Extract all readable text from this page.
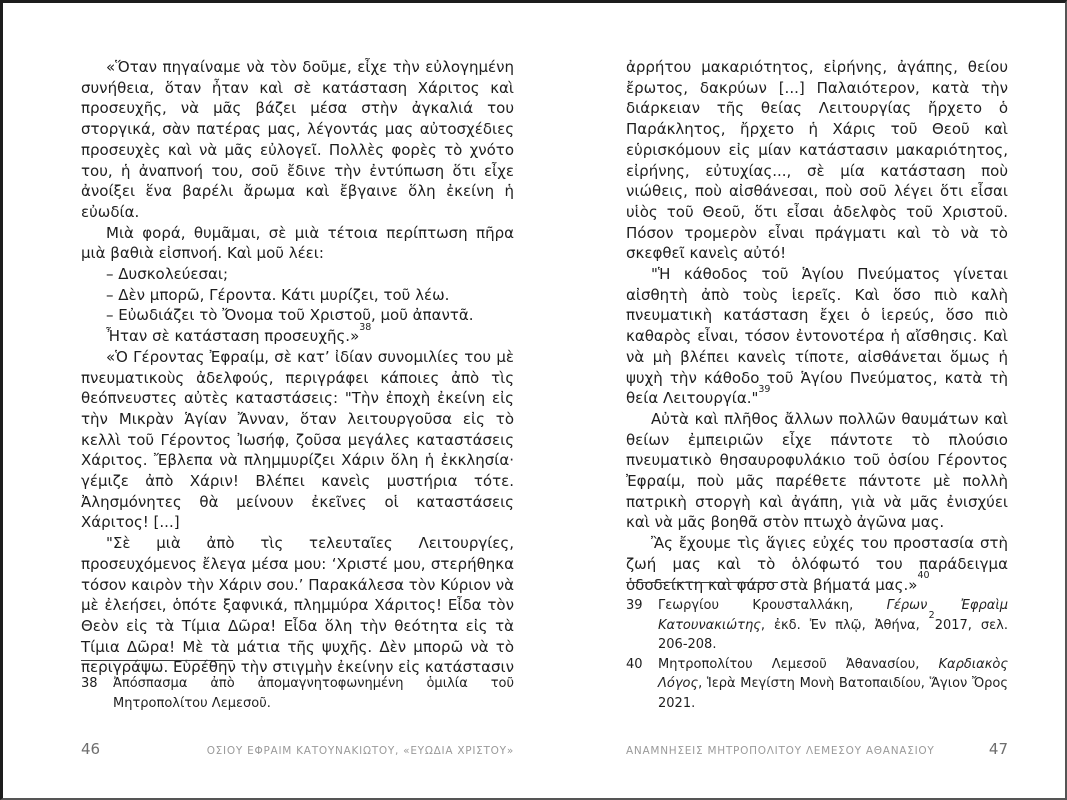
«Ὅταν πηγαίναμε νὰ τὸν δοῦμε, εἶχε τὴν εὐλογημένη συνήθεια, ὅταν ἦταν καὶ σὲ κατάσταση Χάριτος καὶ προσευχῆς, νὰ μᾶς βάζει μέσα στὴν ἀγκαλιά του στοργικά, σὰν πατέρας μας, λέγοντάς μας αὐτοσχέδιες προσευχὲς καὶ νὰ μᾶς εὐλογεῖ. Πολλὲς φορὲς τὸ χνότο του, ἡ ἀναπνοή του, σοῦ ἔδινε τὴν ἐντύπωση ὅτι εἶχε ἀνοίξει ἕνα βαρέλι ἄρωμα καὶ ἔβγαινε ὅλη ἐκείνη ἡ εὐωδία.

Μιὰ φορά, θυμᾶμαι, σὲ μιὰ τέτοια περίπτωση πῆρα μιὰ βαθιὰ εἰσπνοή. Καὶ μοῦ λέει:

– Δυσκολεύεσαι;

– Δὲν μπορῶ, Γέροντα. Κάτι μυρίζει, τοῦ λέω.

– Εὐωδιάζει τὸ Ὄνομα τοῦ Χριστοῦ, μοῦ ἀπαντᾶ.

Ἦταν σὲ κατάσταση προσευχῆς.»$^{38}$

«Ὁ Γέροντας Ἐφραίμ, σὲ κατ’ ἰδίαν συνομιλίες του μὲ πνευματικοὺς ἀδελφούς, περιγράφει κάποιες ἀπὸ τὶς θεόπνευστες αὐτὲς καταστάσεις: "Τὴν ἐποχὴ ἐκείνη εἰς τὴν Μικρὰν Ἁγίαν Ἄνναν, ὅταν λειτουργοῦσα εἰς τὸ κελλὶ τοῦ Γέροντος Ἰωσήφ, ζοῦσα μεγάλες καταστάσεις Χάριτος. Ἔβλεπα νὰ πλημμυρίζει Χάριν ὅλη ἡ ἐκκλησία· γέμιζε ἀπὸ Χάριν! Βλέπει κανεὶς μυστήρια τότε. Ἀλησμόνητες θὰ μείνουν ἐκεῖνες οἱ καταστάσεις Χάριτος! [...]

"Σὲ μιὰ ἀπὸ τὶς τελευταῖες Λειτουργίες, προσευχόμενος ἔλεγα μέσα μου: ‘Χριστέ μου, στερήθηκα τόσον καιρὸν τὴν Χάριν σου.’ Παρακάλεσα τὸν Κύριον νὰ μὲ ἐλεήσει, ὁπότε ξαφνικά, πλημμύρα Χάριτος! Εἶδα τὸν Θεὸν εἰς τὰ Τίμια Δῶρα! Εἶδα ὅλη τὴν θεότητα εἰς τὰ Τίμια Δῶρα! Μὲ τὰ μάτια τῆς ψυχῆς. Δὲν μπορῶ νὰ τὸ περιγράψω. Εὑρέθην τὴν στιγμὴν ἐκείνην εἰς κατάστασιν

38	Ἀπόσπασμα ἀπὸ ἀπομαγνητοφωνημένη ὁμιλία τοῦ Μητροπολίτου Λεμεσοῦ.
46	ΟΣΙΟΥ ΕΦΡΑΙΜ ΚΑΤΟΥΝΑΚΙΩΤΟΥ, «ΕΥΩΔΙΑ ΧΡΙΣΤΟΥ»

ἀρρήτου μακαριότητος, εἰρήνης, ἀγάπης, θείου ἔρωτος, δακρύων [...] Παλαιότερον, κατὰ τὴν διάρκειαν τῆς θείας Λειτουργίας ἤρχετο ὁ Παράκλητος, ἤρχετο ἡ Χάρις τοῦ Θεοῦ καὶ εὑρισκόμουν εἰς μίαν κατάστασιν μακαριότητος, εἰρήνης, εὐτυχίας..., σὲ μία κατάσταση ποὺ νιώθεις, ποὺ αἰσθάνεσαι, ποὺ σοῦ λέγει ὅτι εἶσαι υἱὸς τοῦ Θεοῦ, ὅτι εἶσαι ἀδελφὸς τοῦ Χριστοῦ. Πόσον τρομερὸν εἶναι πράγματι καὶ τὸ νὰ τὸ σκεφθεῖ κανεὶς αὐτό!

"Ἡ κάθοδος τοῦ Ἁγίου Πνεύματος γίνεται αἰσθητὴ ἀπὸ τοὺς ἱερεῖς. Καὶ ὅσο πιὸ καλὴ πνευματικὴ κατάσταση ἔχει ὁ ἱερεύς, ὅσο πιὸ καθαρὸς εἶναι, τόσον ἐντονοτέρα ἡ αἴσθησις. Καὶ νὰ μὴ βλέπει κανεὶς τίποτε, αἰσθάνεται ὅμως ἡ ψυχὴ τὴν κάθοδο τοῦ Ἁγίου Πνεύματος, κατὰ τὴ θεία Λειτουργία."$^{39}$

Αὐτὰ καὶ πλῆθος ἄλλων πολλῶν θαυμάτων καὶ θείων ἐμπειριῶν εἶχε πάντοτε τὸ πλούσιο πνευματικὸ θησαυροφυλάκιο τοῦ ὁσίου Γέροντος Ἐφραίμ, ποὺ μᾶς παρέθετε πάντοτε μὲ πολλὴ πατρικὴ στοργὴ καὶ ἀγάπη, γιὰ νὰ μᾶς ἐνισχύει καὶ νὰ μᾶς βοηθᾶ στὸν πτωχὸ ἀγῶνα μας.

Ἂς ἔχουμε τὶς ἅγιες εὐχές του προστασία στὴ ζωή μας καὶ τὸ ὁλόφωτό του παράδειγμα ὁδοδείκτη καὶ φάρο στὰ βήματά μας.»$^{40}$

39	Γεωργίου Κρουσταλλάκη, Γέρων Ἐφραὶμ Κατουνακιώτης, ἐκδ. Ἐν πλῷ, Ἀθήνα, $^2$2017, σελ. 206-208.
40	Μητροπολίτου Λεμεσοῦ Ἀθανασίου, Καρδιακὸς Λόγος, Ἱερὰ Μεγίστη Μονὴ Βατοπαιδίου, Ἅγιον Ὄρος 2021.
ΑΝΑΜΝΗΣΕΙΣ ΜΗΤΡΟΠΟΛΙΤΟΥ ΛΕΜΕΣΟΥ ΑΘΑΝΑΣΙΟΥ	47
